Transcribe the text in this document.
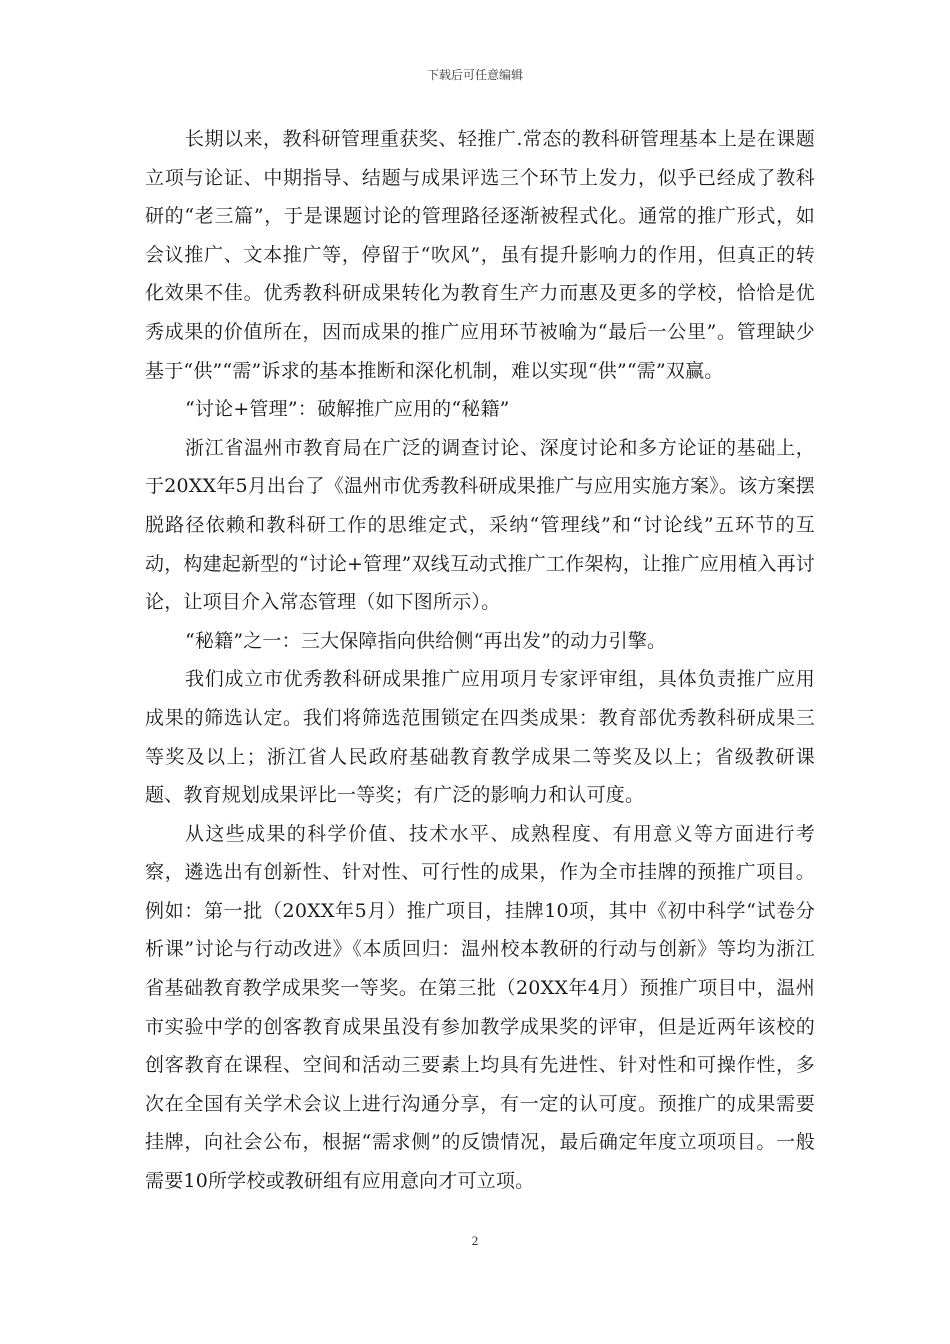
下载后可任意编辑

长期以来，教科研管理重获奖、轻推广.常态的教科研管理基本上是在课题立项与论证、中期指导、结题与成果评选三个环节上发力，似乎已经成了教科研的“老三篇”，于是课题讨论的管理路径逐渐被程式化。通常的推广形式，如会议推广、文本推广等，停留于“吹风”，虽有提升影响力的作用，但真正的转化效果不佳。优秀教科研成果转化为教育生产力而惠及更多的学校，恰恰是优秀成果的价值所在，因而成果的推广应用环节被喻为“最后一公里”。管理缺少基于“供”“需”诉求的基本推断和深化机制，难以实现“供”“需”双赢。

“讨论+管理”：破解推广应用的“秘籍”

浙江省温州市教育局在广泛的调查讨论、深度讨论和多方论证的基础上，于20XX年5月出台了《温州市优秀教科研成果推广与应用实施方案》。该方案摆脱路径依赖和教科研工作的思维定式，采纳“管理线”和“讨论线”五环节的互动，构建起新型的“讨论+管理”双线互动式推广工作架构，让推广应用植入再讨论，让项目介入常态管理（如下图所示）。

“秘籍”之一：三大保障指向供给侧“再出发”的动力引擎。

我们成立市优秀教科研成果推广应用项月专家评审组，具体负责推广应用成果的筛选认定。我们将筛选范围锁定在四类成果：教育部优秀教科研成果三等奖及以上；浙江省人民政府基础教育教学成果二等奖及以上；省级教研课题、教育规划成果评比一等奖；有广泛的影响力和认可度。

从这些成果的科学价值、技术水平、成熟程度、有用意义等方面进行考察，遴选出有创新性、针对性、可行性的成果，作为全市挂牌的预推广项目。例如：第一批（20XX年5月）推广项目，挂牌10项，其中《初中科学“试卷分析课”讨论与行动改进》《本质回归：温州校本教研的行动与创新》等均为浙江省基础教育教学成果奖一等奖。在第三批（20XX年4月）预推广项目中，温州市实验中学的创客教育成果虽没有参加教学成果奖的评审，但是近两年该校的创客教育在课程、空间和活动三要素上均具有先进性、针对性和可操作性，多次在全国有关学术会议上进行沟通分享，有一定的认可度。预推广的成果需要挂牌，向社会公布，根据“需求侧”的反馈情况，最后确定年度立项项目。一般需要10所学校或教研组有应用意向才可立项。

2
